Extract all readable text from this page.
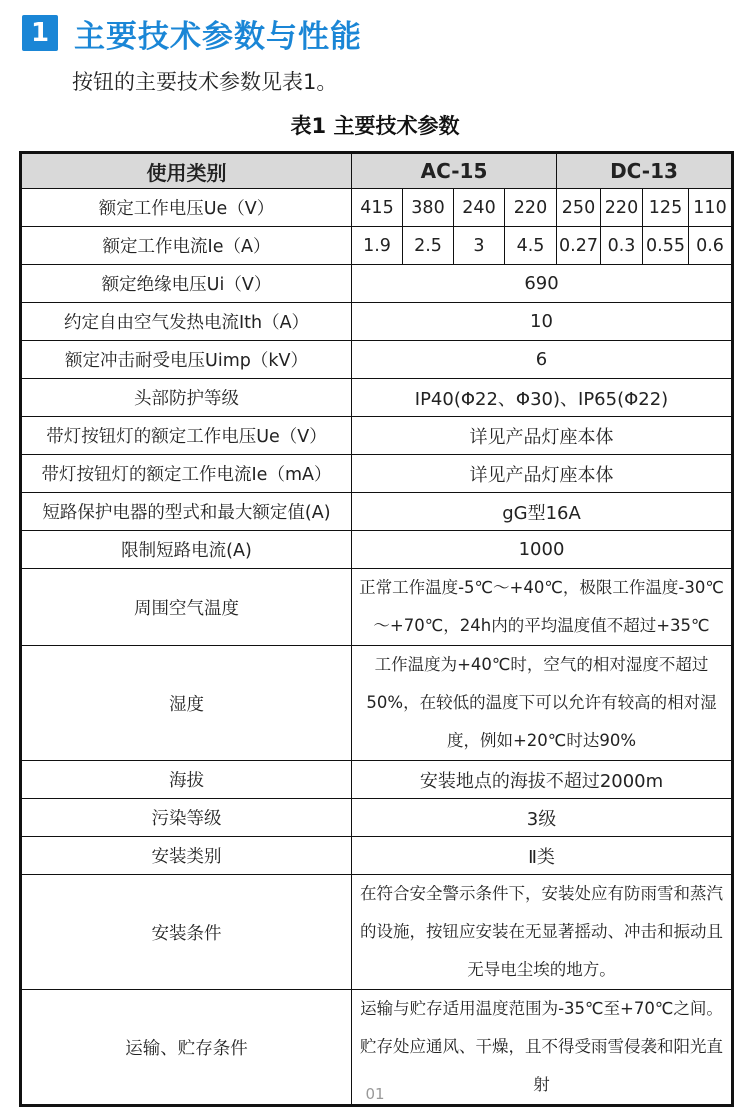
1 主要技术参数与性能
按钮的主要技术参数见表1。
表1 主要技术参数
使用类别	AC-15				DC-13			
额定工作电压Ue（V）	415	380	240	220	250	220	125	110
额定工作电流Ie（A）	1.9	2.5	3	4.5	0.27	0.3	0.55	0.6
额定绝缘电压Ui（V）	690							
约定自由空气发热电流Ith（A）	10							
额定冲击耐受电压Uimp（kV）	6							
头部防护等级	IP40(Φ22、Φ30)、IP65(Φ22)							
带灯按钮灯的额定工作电压Ue（V）	详见产品灯座本体							
带灯按钮灯的额定工作电流Ie（mA）	详见产品灯座本体							
短路保护电器的型式和最大额定值(A)	gG型16A							
限制短路电流(A)	1000							
周围空气温度	正常工作温度-5℃～+40℃，极限工作温度-30℃～+70℃，24h内的平均温度值不超过+35℃							
湿度	工作温度为+40℃时，空气的相对湿度不超过50%，在较低的温度下可以允许有较高的相对湿度，例如+20℃时达90%							
海拔	安装地点的海拔不超过2000m							
污染等级	3级							
安装类别	Ⅱ类							
安装条件	在符合安全警示条件下，安装处应有防雨雪和蒸汽的设施，按钮应安装在无显著摇动、冲击和振动且无导电尘埃的地方。							
运输、贮存条件	运输与贮存适用温度范围为-35℃至+70℃之间。贮存处应通风、干燥，且不得受雨雪侵袭和阳光直射							
01
